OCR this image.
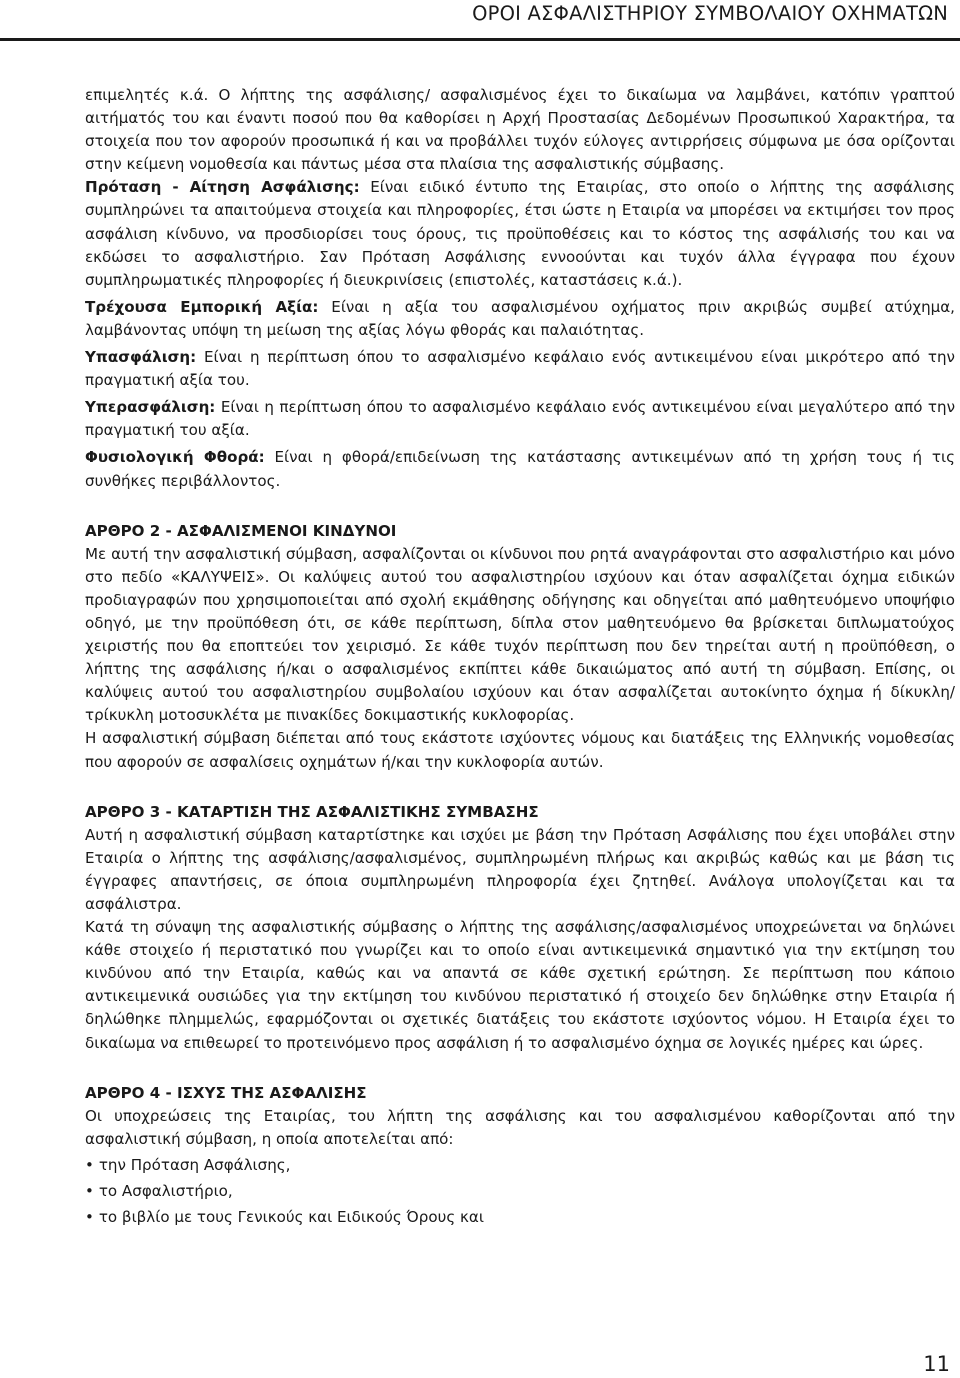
ΟΡΟΙ ΑΣΦΑΛΙΣΤΗΡΙΟΥ ΣΥΜΒΟΛΑΙΟΥ ΟΧΗΜΑΤΩΝ

επιμελητές κ.ά. Ο λήπτης της ασφάλισης/ ασφαλισμένος έχει το δικαίωμα να λαμβάνει, κατόπιν γραπτού αιτήματός του και έναντι ποσού που θα καθορίσει η Αρχή Προστασίας Δεδομένων Προσωπικού Χαρακτήρα, τα στοιχεία που τον αφορούν προσωπικά ή και να προβάλλει τυχόν εύλογες αντιρρήσεις σύμφωνα με όσα ορίζονται στην κείμενη νομοθεσία και πάντως μέσα στα πλαίσια της ασφαλιστικής σύμβασης.

Πρόταση - Αίτηση Ασφάλισης: Είναι ειδικό έντυπο της Εταιρίας, στο οποίο ο λήπτης της ασφάλισης συμπληρώνει τα απαιτούμενα στοιχεία και πληροφορίες, έτσι ώστε η Εταιρία να μπορέσει να εκτιμήσει τον προς ασφάλιση κίνδυνο, να προσδιορίσει τους όρους, τις προϋποθέσεις και το κόστος της ασφάλισής του και να εκδώσει το ασφαλιστήριο. Σαν Πρόταση Ασφάλισης εννοούνται και τυχόν άλλα έγγραφα που έχουν συμπληρωματικές πληροφορίες ή διευκρινίσεις (επιστολές, καταστάσεις κ.ά.).

Τρέχουσα Εμπορική Αξία: Είναι η αξία του ασφαλισμένου οχήματος πριν ακριβώς συμβεί ατύχημα, λαμβάνοντας υπόψη τη μείωση της αξίας λόγω φθοράς και παλαιότητας.

Υπασφάλιση: Είναι η περίπτωση όπου το ασφαλισμένο κεφάλαιο ενός αντικειμένου είναι μικρότερο από την πραγματική αξία του.

Υπερασφάλιση: Είναι η περίπτωση όπου το ασφαλισμένο κεφάλαιο ενός αντικειμένου είναι μεγαλύτερο από την πραγματική του αξία.

Φυσιολογική Φθορά: Είναι η φθορά/επιδείνωση της κατάστασης αντικειμένων από τη χρήση τους ή τις συνθήκες περιβάλλοντος.

ΑΡΘΡΟ 2 - ΑΣΦΑΛΙΣΜΕΝΟΙ ΚΙΝΔΥΝΟΙ

Με αυτή την ασφαλιστική σύμβαση, ασφαλίζονται οι κίνδυνοι που ρητά αναγράφονται στο ασφαλιστήριο και μόνο στο πεδίο «ΚΑΛΥΨΕΙΣ». Οι καλύψεις αυτού του ασφαλιστηρίου ισχύουν και όταν ασφαλίζεται όχημα ειδικών προδιαγραφών που χρησιμοποιείται από σχολή εκμάθησης οδήγησης και οδηγείται από μαθητευόμενο υποψήφιο οδηγό, με την προϋπόθεση ότι, σε κάθε περίπτωση, δίπλα στον μαθητευόμενο θα βρίσκεται διπλωματούχος χειριστής που θα εποπτεύει τον χειρισμό. Σε κάθε τυχόν περίπτωση που δεν τηρείται αυτή η προϋπόθεση, ο λήπτης της ασφάλισης ή/και ο ασφαλισμένος εκπίπτει κάθε δικαιώματος από αυτή τη σύμβαση. Επίσης, οι καλύψεις αυτού του ασφαλιστηρίου συμβολαίου ισχύουν και όταν ασφαλίζεται αυτοκίνητο όχημα ή δίκυκλη/τρίκυκλη μοτοσυκλέτα με πινακίδες δοκιμαστικής κυκλοφορίας.

Η ασφαλιστική σύμβαση διέπεται από τους εκάστοτε ισχύοντες νόμους και διατάξεις της Ελληνικής νομοθεσίας που αφορούν σε ασφαλίσεις οχημάτων ή/και την κυκλοφορία αυτών.

ΑΡΘΡΟ 3 - ΚΑΤΑΡΤΙΣΗ ΤΗΣ ΑΣΦΑΛΙΣΤΙΚΗΣ ΣΥΜΒΑΣΗΣ

Αυτή η ασφαλιστική σύμβαση καταρτίστηκε και ισχύει με βάση την Πρόταση Ασφάλισης που έχει υποβάλει στην Εταιρία ο λήπτης της ασφάλισης/ασφαλισμένος, συμπληρωμένη πλήρως και ακριβώς καθώς και με βάση τις έγγραφες απαντήσεις, σε όποια συμπληρωμένη πληροφορία έχει ζητηθεί. Ανάλογα υπολογίζεται και τα ασφάλιστρα.

Κατά τη σύναψη της ασφαλιστικής σύμβασης ο λήπτης της ασφάλισης/ασφαλισμένος υποχρεώνεται να δηλώνει κάθε στοιχείο ή περιστατικό που γνωρίζει και το οποίο είναι αντικειμενικά σημαντικό για την εκτίμηση του κινδύνου από την Εταιρία, καθώς και να απαντά σε κάθε σχετική ερώτηση. Σε περίπτωση που κάποιο αντικειμενικά ουσιώδες για την εκτίμηση του κινδύνου περιστατικό ή στοιχείο δεν δηλώθηκε στην Εταιρία ή δηλώθηκε πλημμελώς, εφαρμόζονται οι σχετικές διατάξεις του εκάστοτε ισχύοντος νόμου. Η Εταιρία έχει το δικαίωμα να επιθεωρεί το προτεινόμενο προς ασφάλιση ή το ασφαλισμένο όχημα σε λογικές ημέρες και ώρες.

ΑΡΘΡΟ 4 - ΙΣΧΥΣ ΤΗΣ ΑΣΦΑΛΙΣΗΣ

Οι υποχρεώσεις της Εταιρίας, του λήπτη της ασφάλισης και του ασφαλισμένου καθορίζονται από την ασφαλιστική σύμβαση, η οποία αποτελείται από:

• την Πρόταση Ασφάλισης,

• το Ασφαλιστήριο,

• το βιβλίο με τους Γενικούς και Ειδικούς Όρους και

11
